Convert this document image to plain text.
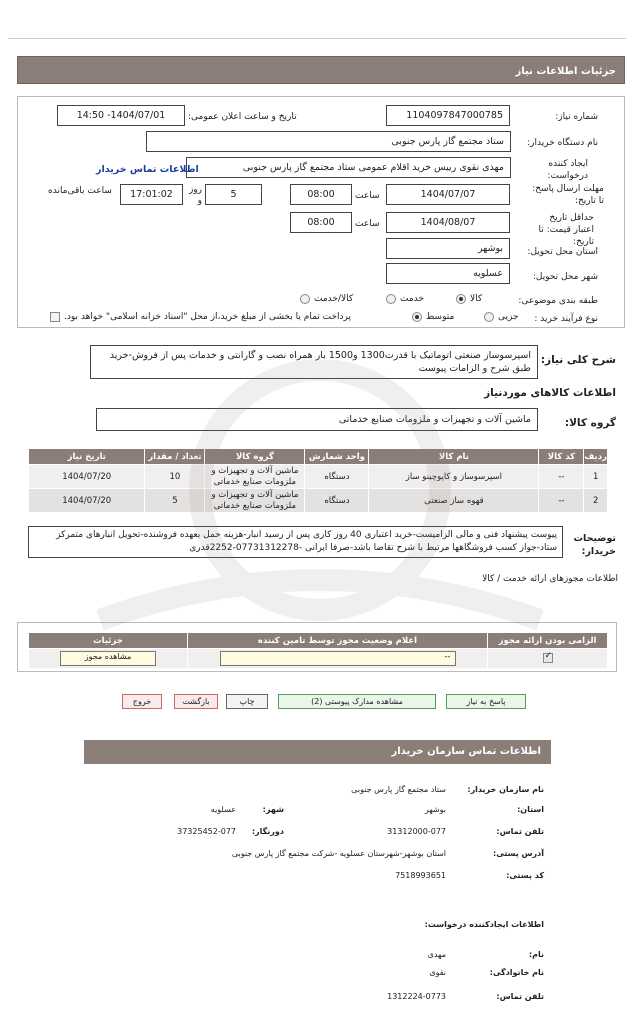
جزئیات اطلاعات نیاز
شماره نیاز:
1104097847000785
تاریخ و ساعت اعلان عمومی:
1404/07/01- 14:50
نام دستگاه خریدار:
ستاد مجتمع گاز پارس جنوبی
ایجاد کننده درخواست:
مهدی نقوی رییس خرید اقلام عمومی ستاد مجتمع گاز پارس جنوبی
اطلاعات تماس خریدار
مهلت ارسال پاسخ: تا تاریخ:
1404/07/07
ساعت
08:00
5
روز و
17:01:02
ساعت باقی‌مانده
حداقل تاریخ اعتبار قیمت: تا تاریخ:
1404/08/07
ساعت
08:00
استان محل تحویل:
بوشهر
شهر محل تحویل:
عسلویه
طبقه بندی موضوعی:
کالا
خدمت
کالا/خدمت
نوع فرآیند خرید :
جزیی
متوسط
پرداخت تمام یا بخشی از مبلغ خرید،از محل "اسناد خزانه اسلامی" خواهد بود.
شرح کلی نیاز:
اسپرسوساز صنعتی اتوماتیک با قدرت1300 و1500 بار همراه نصب و گارانتی و خدمات پس از فروش-خرید طبق شرح و الزامات پیوست
اطلاعات کالاهای موردنیاز
گروه کالا:
ماشین آلات و تجهیزات و ملزومات صنایع خدماتی
ردیف	کد کالا	نام کالا	واحد شمارش	گروه کالا	تعداد / مقدار	تاریخ نیاز
1	--	اسپرسوساز و کاپوچینو ساز	دستگاه	ماشین آلات و تجهیزات و ملزومات صنایع خدماتی	10	1404/07/20
2	--	قهوه ساز صنعتی	دستگاه	ماشین آلات و تجهیزات و ملزومات صنایع خدماتی	5	1404/07/20
توضیحات خریدار:
پیوست پیشنهاد فنی و مالی الزامیست-خرید اعتباری 40 روز کاری پس از رسید انبار-هزینه حمل بعهده فروشنده-تحویل انبارهای متمرکز ستاد-جواز کسب فروشگاهها مرتبط با شرح تقاضا باشد-صرفا ایرانی -07731312278-2252قدری
اطلاعات مجوزهای ارائه خدمت / کالا
الزامی بودن ارائه مجوز	اعلام وضعیت مجوز توسط تامین کننده	جزئیات

✓	--	مشاهده مجوز
پاسخ به نیاز
مشاهده مدارک پیوستی (2)
چاپ
بازگشت
خروج
اطلاعات تماس سازمان خریدار
نام سازمان خریدار:
ستاد مجتمع گاز پارس جنوبی
استان:
بوشهر
شهر:
عسلویه
تلفن تماس:
31312000-077
دورنگار:
37325452-077
آدرس پستی:
استان بوشهر-شهرستان عسلویه -شرکت مجتمع گاز پارس جنوبی
کد پستی:
7518993651
اطلاعات ایجادکننده درخواست:
نام:
مهدی
نام خانوادگی:
نقوی
تلفن تماس:
1312224-0773
